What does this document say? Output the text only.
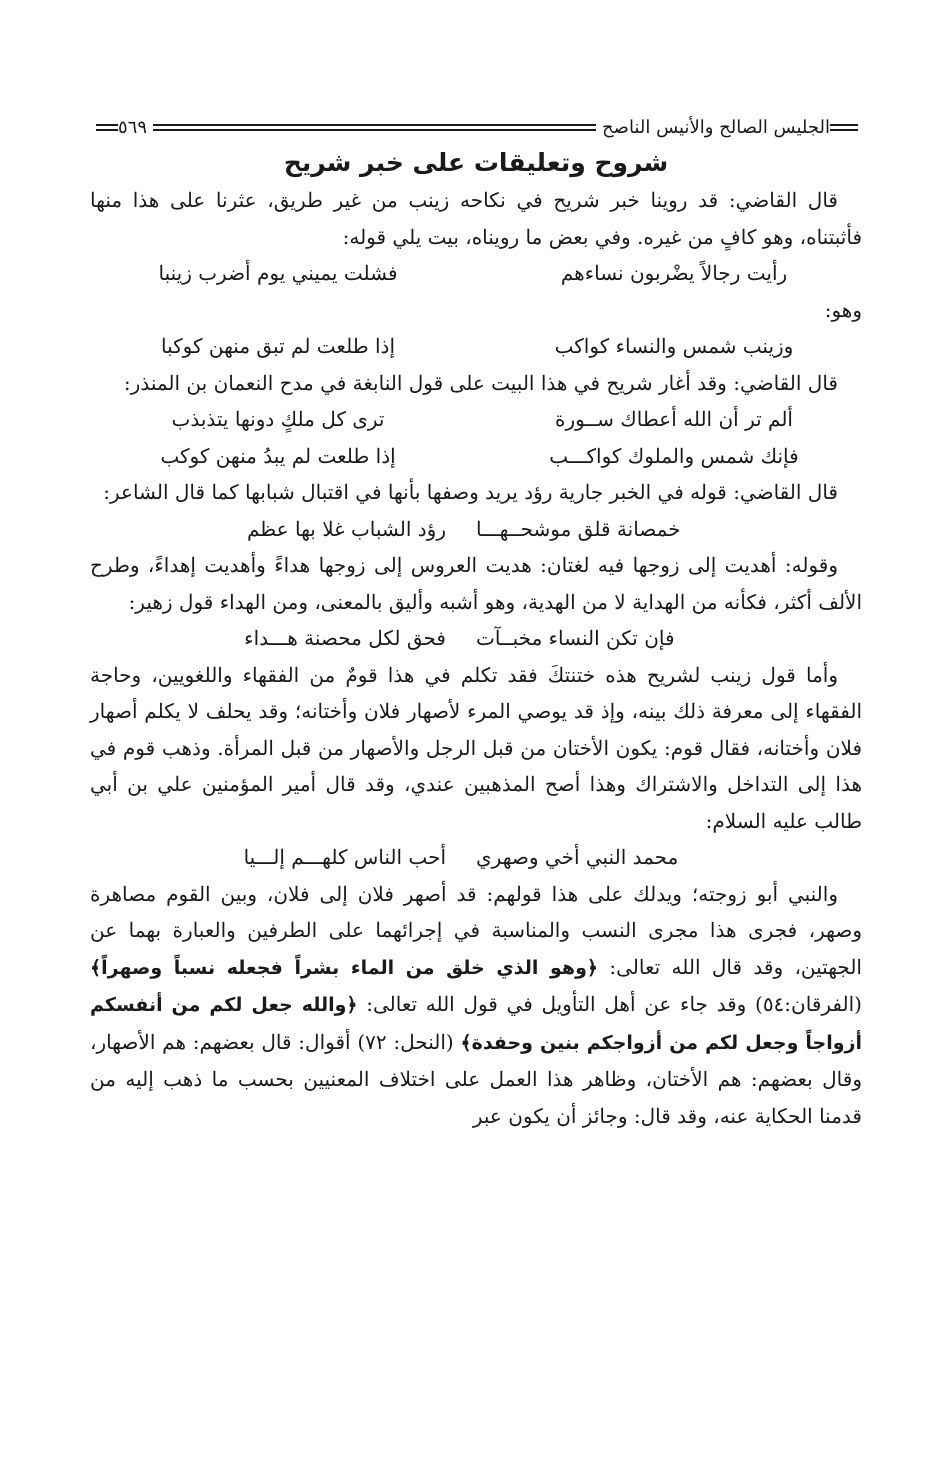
الجليس الصالح والأنيس الناصح
٥٦٩
شروح وتعليقات على خبر شريح

قال القاضي: قد روينا خبر شريح في نكاحه زينب من غير طريق، عثرنا على هذا منها فأثبتناه، وهو كافٍ من غيره. وفي بعض ما رويناه، بيت يلي قوله:

رأيت رجالاً يضْربون نساءهم
فشلت يميني يوم أضرب زينبا

وهو:

وزينب شمس والنساء كواكب
إذا طلعت لم تبق منهن كوكبا

قال القاضي: وقد أغار شريح في هذا البيت على قول النابغة في مدح النعمان بن المنذر:

ألم تر أن الله أعطاك ســورة
ترى كل ملكٍ دونها يتذبذب
فإنك شمس والملوك كواكـــب
إذا طلعت لم يبدُ منهن كوكب

قال القاضي: قوله في الخبر جارية رؤد يريد وصفها بأنها في اقتبال شبابها كما قال الشاعر:

خمصانة قلق موشحــهـــا
رؤد الشباب غلا بها عظم

وقوله: أهديت إلى زوجها فيه لغتان: هديت العروس إلى زوجها هداءً وأهديت إهداءً، وطرح الألف أكثر، فكأنه من الهداية لا من الهدية، وهو أشبه وأليق بالمعنى، ومن الهداء قول زهير:

فإن تكن النساء مخبــآت
فحق لكل محصنة هـــداء

وأما قول زينب لشريح هذه ختنتكَ فقد تكلم في هذا قومٌ من الفقهاء واللغويين، وحاجة الفقهاء إلى معرفة ذلك بينه، وإذ قد يوصي المرء لأصهار فلان وأختانه؛ وقد يحلف لا يكلم أصهار فلان وأختانه، فقال قوم: يكون الأختان من قبل الرجل والأصهار من قبل المرأة. وذهب قوم في هذا إلى التداخل والاشتراك وهذا أصح المذهبين عندي، وقد قال أمير المؤمنين علي بن أبي طالب عليه السلام:

محمد النبي أخي وصهري
أحب الناس كلهـــم إلـــيا

والنبي أبو زوجته؛ ويدلك على هذا قولهم: قد أصهر فلان إلى فلان، وبين القوم مصاهرة وصهر، فجرى هذا مجرى النسب والمناسبة في إجرائهما على الطرفين والعبارة بهما عن الجهتين، وقد قال الله تعالى: ﴿وهو الذي خلق من الماء بشراً فجعله نسباً وصهراً﴾ (الفرقان:٥٤) وقد جاء عن أهل التأويل في قول الله تعالى: ﴿والله جعل لكم من أنفسكم أزواجاً وجعل لكم من أزواجكم بنين وحفدة﴾ (النحل: ٧٢) أقوال: قال بعضهم: هم الأصهار، وقال بعضهم: هم الأختان، وظاهر هذا العمل على اختلاف المعنيين بحسب ما ذهب إليه من قدمنا الحكاية عنه، وقد قال: وجائز أن يكون عبر
